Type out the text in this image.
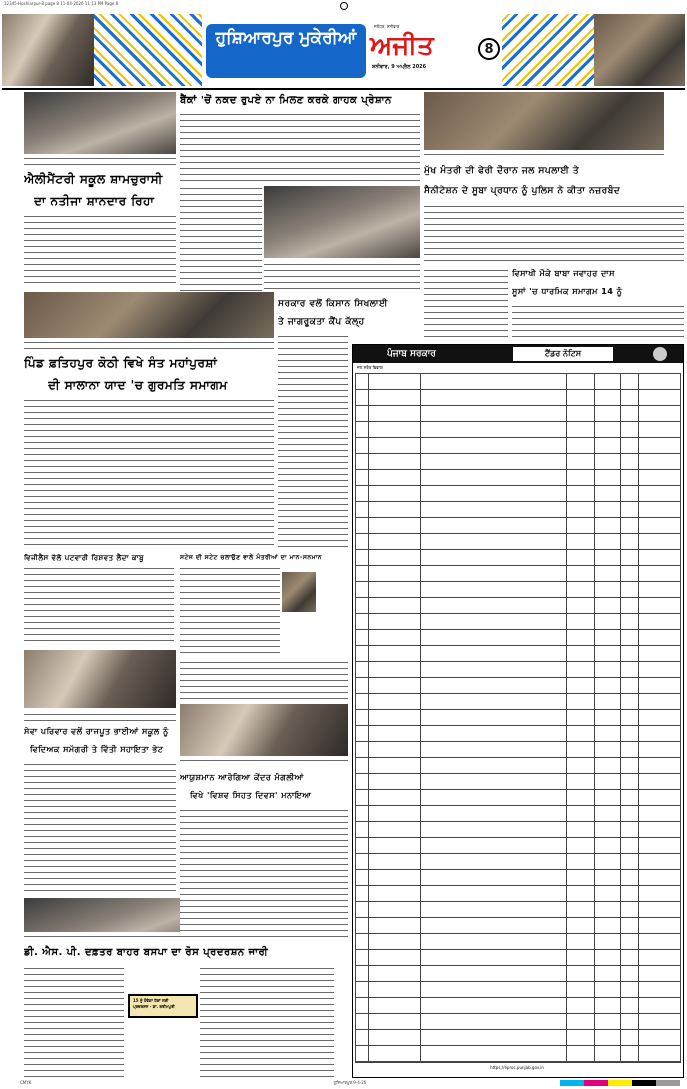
12345-Hoshiarpur-8 page 8 11-04-2026 11:13 PM Page 8
ਹੁਸ਼ਿਆਰਪੁਰ ਮੁਕੇਰੀਆਂ
ਜਲੰਧਰ, ਸ਼ਨੀਵਾਰ
ਅਜੀਤ
ਸ਼ਨੀਵਾਰ, 9 ਅਪ੍ਰੈਲ 2026
8
ਐਲੀਮੈਂਟਰੀ ਸਕੂਲ ਸ਼ਾਮਚੁਰਾਸੀ
ਦਾ ਨਤੀਜਾ ਸ਼ਾਨਦਾਰ ਰਿਹਾ
ਪਿੰਡ ਫ਼ਤਿਹਪੁਰ ਕੋਠੀ ਵਿਖੇ ਸੰਤ ਮਹਾਂਪੁਰਸ਼ਾਂ
ਦੀ ਸਾਲਾਨਾ ਯਾਦ 'ਚ ਗੁਰਮਤਿ ਸਮਾਗਮ
ਵਿਜੀਲੈਂਸ ਵੱਲੋਂ ਪਟਵਾਰੀ ਰਿਸ਼ਵਤ ਲੈਂਦਾ ਕਾਬੂ
ਸੇਵਾ ਪਰਿਵਾਰ ਵਲੋਂ ਰਾਜਪੂਤ ਭਾਈਆਂ ਸਕੂਲ ਨੂੰ
ਵਿਦਿਅਕ ਸਮੱਗਰੀ ਤੇ ਵਿੱਤੀ ਸਹਾਇਤਾ ਭੇਟ
ਡੀ. ਐਸ. ਪੀ. ਦਫ਼ਤਰ ਬਾਹਰ ਬਸਪਾ ਦਾ ਰੋਸ ਪ੍ਰਦਰਸ਼ਨ ਜਾਰੀ
15 ਨੂੰ ਹੋਵੇਗਾ ਹੱਕਾਂ ਲਈ
ਪ੍ਰਦਰਸ਼ਨ - ਡਾ. ਕਰੀਮਪੁਰੀ
ਬੈਂਕਾਂ 'ਚੋਂ ਨਕਦ ਰੁਪਏ ਨਾ ਮਿਲਣ ਕਰਕੇ ਗਾਹਕ ਪ੍ਰੇਸ਼ਾਨ
ਸਰਕਾਰ ਵਲੋਂ ਕਿਸਾਨ ਸਿਖਲਾਈ
ਤੇ ਜਾਗਰੂਕਤਾ ਕੈਂਪ ਕੱਲ੍ਹ
ਸਟੇਜ ਦੀ ਸਟੇਟ ਚਲਾਉਣ ਵਾਲੇ ਮੰਤਰੀਆਂ ਦਾ ਮਾਨ-ਸਨਮਾਨ
ਆਯੁਸ਼ਮਾਨ ਆਰੋਗਿਆ ਕੇਂਦਰ ਮੰਗਲੀਆਂ
ਵਿਖੇ 'ਵਿਸ਼ਵ ਸਿਹਤ ਦਿਵਸ' ਮਨਾਇਆ
ਮੁੱਖ ਮੰਤਰੀ ਦੀ ਫੇਰੀ ਦੌਰਾਨ ਜਲ ਸਪਲਾਈ ਤੇ
ਸੈਨੀਟੇਸ਼ਨ ਦੇ ਸੂਬਾ ਪ੍ਰਧਾਨ ਨੂੰ ਪੁਲਿਸ ਨੇ ਕੀਤਾ ਨਜ਼ਰਬੰਦ
ਵਿਸਾਖੀ ਮੌਕੇ ਬਾਬਾ ਜਵਾਹਰ ਦਾਸ
ਸੂਸਾਂ 'ਚ ਧਾਰਮਿਕ ਸਮਾਗਮ 14 ਨੂੰ
ਪੰਜਾਬ ਸਰਕਾਰ	ਟੈਂਡਰ ਨੋਟਿਸ
ਜਲ ਸਰੋਤ ਵਿਭਾਗ
https://eproc.punjab.gov.in
CMYK	ਹੁਸ਼ਿਆਰਪੁਰ 9-4-26
